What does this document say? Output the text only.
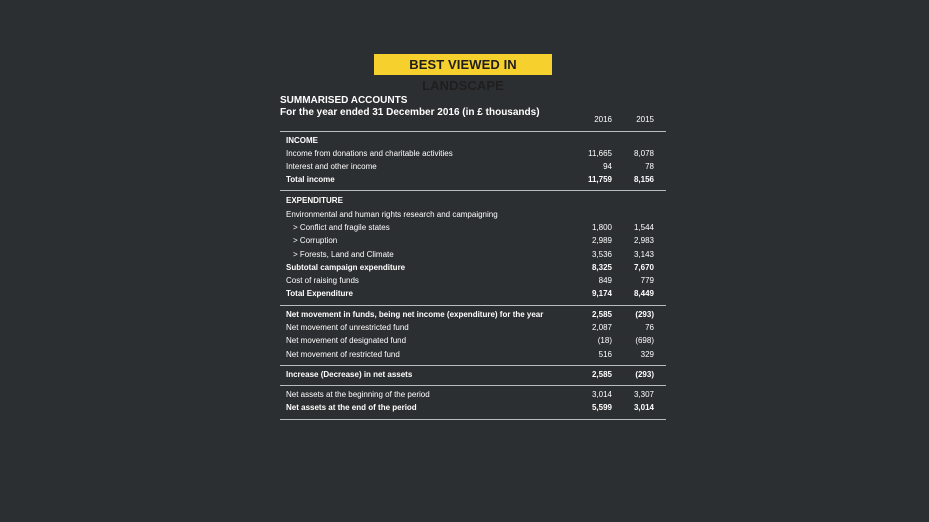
BEST VIEWED IN LANDSCAPE
SUMMARISED ACCOUNTS
For the year ended 31 December 2016 (in £ thousands)
2016	2015
INCOME
Income from donations and charitable activities	11,665	8,078
Interest and other income	94	78
Total income	11,759	8,156
EXPENDITURE
Environmental and human rights research and campaigning
> Conflict and fragile states	1,800	1,544
> Corruption	2,989	2,983
> Forests, Land and Climate	3,536	3,143
Subtotal campaign expenditure	8,325	7,670
Cost of raising funds	849	779
Total Expenditure	9,174	8,449
Net movement in funds, being net income (expenditure) for the year	2,585	(293)
Net movement of unrestricted fund	2,087	76
Net movement of designated fund	(18)	(698)
Net movement of restricted fund	516	329
Increase (Decrease) in net assets	2,585	(293)
Net assets at the beginning of the period	3,014	3,307
Net assets at the end of the period	5,599	3,014
